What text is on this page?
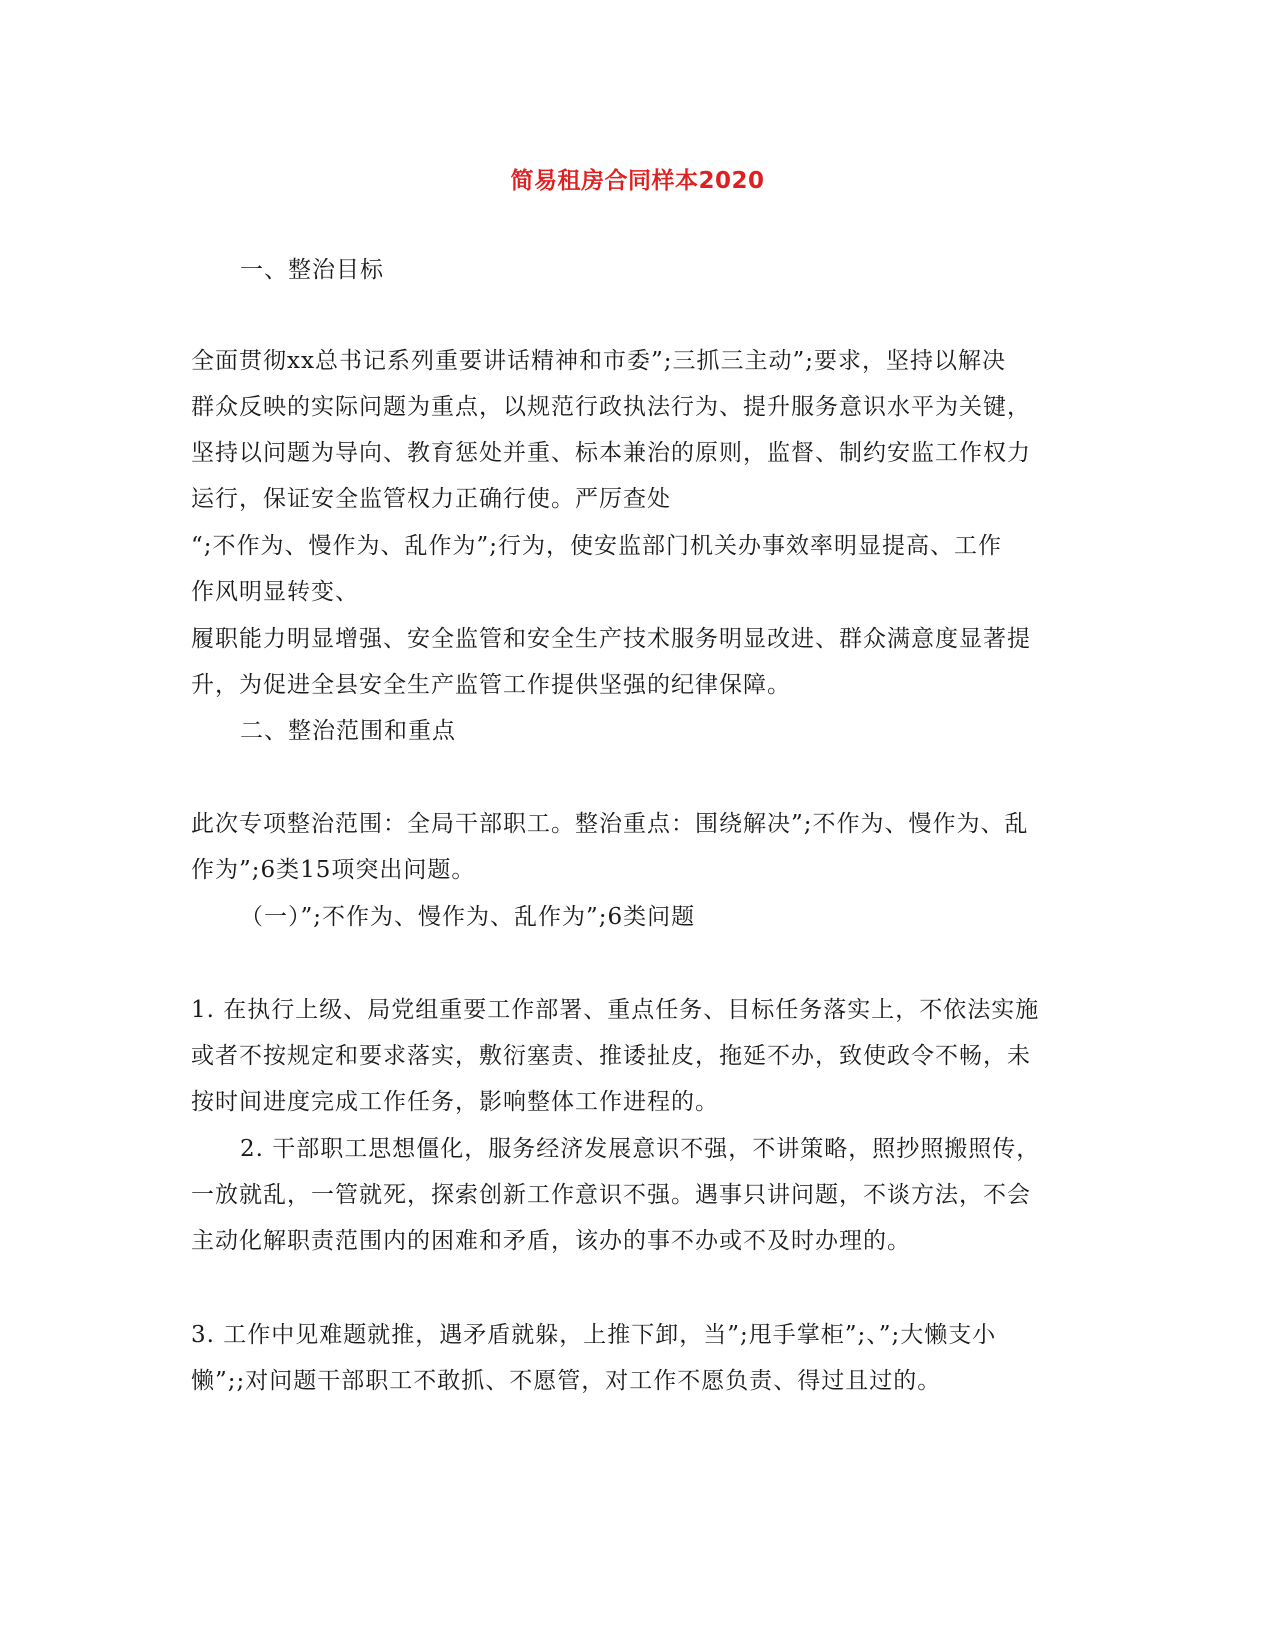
简易租房合同样本2020
一、整治目标
全面贯彻xx总书记系列重要讲话精神和市委”;三抓三主动”;要求，坚持以解决
群众反映的实际问题为重点，以规范行政执法行为、提升服务意识水平为关键，
坚持以问题为导向、教育惩处并重、标本兼治的原则，监督、制约安监工作权力
运行，保证安全监管权力正确行使。严厉查处
“;不作为、慢作为、乱作为”;行为，使安监部门机关办事效率明显提高、工作
作风明显转变、
履职能力明显增强、安全监管和安全生产技术服务明显改进、群众满意度显著提
升，为促进全县安全生产监管工作提供坚强的纪律保障。
二、整治范围和重点
此次专项整治范围：全局干部职工。整治重点：围绕解决”;不作为、慢作为、乱
作为”;6类15项突出问题。
（一）”;不作为、慢作为、乱作为”;6类问题
1. 在执行上级、局党组重要工作部署、重点任务、目标任务落实上，不依法实施
或者不按规定和要求落实，敷衍塞责、推诿扯皮，拖延不办，致使政令不畅，未
按时间进度完成工作任务，影响整体工作进程的。
2. 干部职工思想僵化，服务经济发展意识不强，不讲策略，照抄照搬照传，
一放就乱，一管就死，探索创新工作意识不强。遇事只讲问题，不谈方法，不会
主动化解职责范围内的困难和矛盾，该办的事不办或不及时办理的。
3. 工作中见难题就推，遇矛盾就躲，上推下卸，当”;甩手掌柜”;、”;大懒支小
懒”;;对问题干部职工不敢抓、不愿管，对工作不愿负责、得过且过的。
